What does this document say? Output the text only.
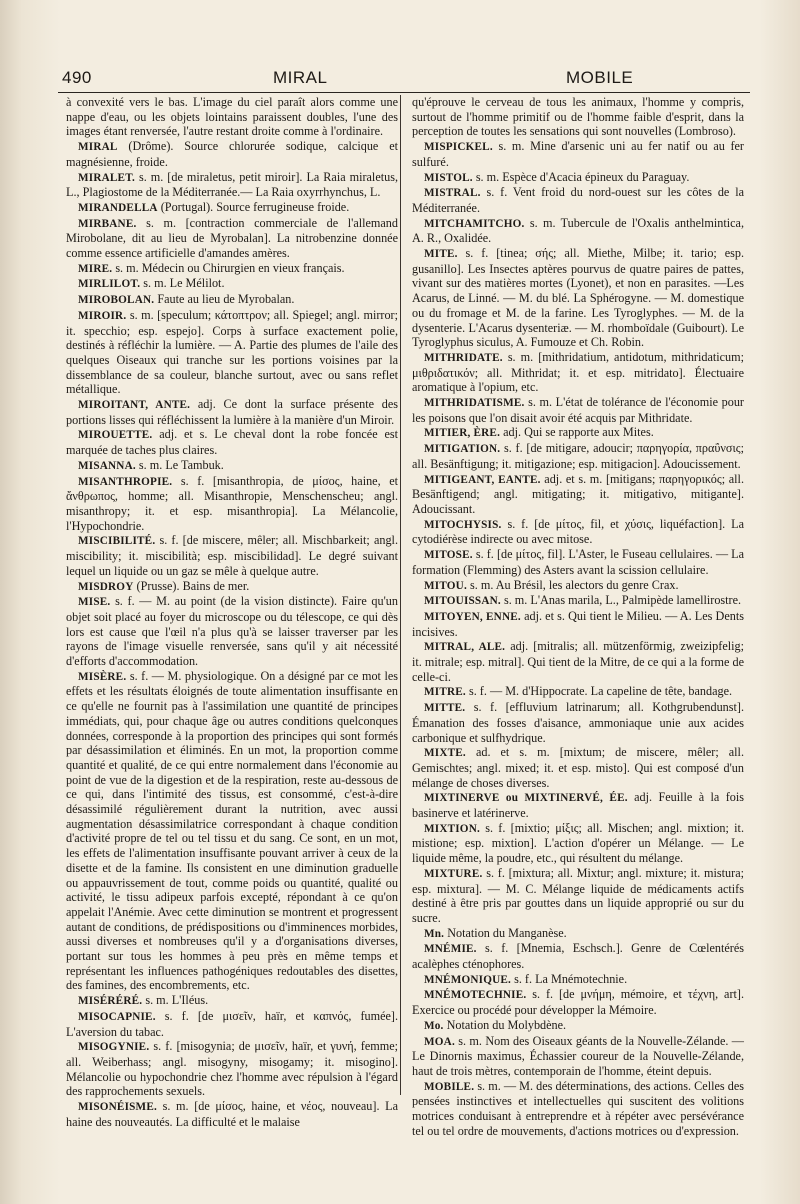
490	MIRAL	MOBILE

à convexité vers le bas. L'image du ciel paraît alors comme une nappe d'eau, ou les objets lointains paraissent doubles, l'une des images étant renversée, l'autre restant droite comme à l'ordinaire.

MIRAL (Drôme). Source chlorurée sodique, calcique et magnésienne, froide.

MIRALET. s. m. [de miraletus, petit miroir]. La Raia miraletus, L., Plagiostome de la Méditerranée.— La Raia oxyrrhynchus, L.

MIRANDELLA (Portugal). Source ferrugineuse froide.

MIRBANE. s. m. [contraction commerciale de l'allemand Mirobolane, dit au lieu de Myrobalan]. La nitrobenzine donnée comme essence artificielle d'amandes amères.

MIRE. s. m. Médecin ou Chirurgien en vieux français.

MIRLILOT. s. m. Le Mélilot.

MIROBOLAN. Faute au lieu de Myrobalan.

MIROIR. s. m. [speculum; κάτοπτρον; all. Spiegel; angl. mirror; it. specchio; esp. espejo]. Corps à surface exactement polie, destinés à réfléchir la lumière. — A. Partie des plumes de l'aile des quelques Oiseaux qui tranche sur les portions voisines par la dissemblance de sa couleur, blanche surtout, avec ou sans reflet métallique.

MIROITANT, ANTE. adj. Ce dont la surface présente des portions lisses qui réfléchissent la lumière à la manière d'un Miroir.

MIROUETTE. adj. et s. Le cheval dont la robe foncée est marquée de taches plus claires.

MISANNA. s. m. Le Tambuk.

MISANTHROPIE. s. f. [misanthropia, de μίσος, haine, et ἄνθρωπος, homme; all. Misanthropie, Menschenscheu; angl. misanthropy; it. et esp. misanthropia]. La Mélancolie, l'Hypochondrie.

MISCIBILITÉ. s. f. [de miscere, mêler; all. Mischbarkeit; angl. miscibility; it. miscibilità; esp. miscibilidad]. Le degré suivant lequel un liquide ou un gaz se mêle à quelque autre.

MISDROY (Prusse). Bains de mer.

MISE. s. f. — M. au point (de la vision distincte). Faire qu'un objet soit placé au foyer du microscope ou du télescope, ce qui dès lors est cause que l'œil n'a plus qu'à se laisser traverser par les rayons de l'image visuelle renversée, sans qu'il y ait nécessité d'efforts d'accommodation.

MISÈRE. s. f. — M. physiologique. On a désigné par ce mot les effets et les résultats éloignés de toute alimentation insuffisante en ce qu'elle ne fournit pas à l'assimilation une quantité de principes immédiats, qui, pour chaque âge ou autres conditions quelconques données, corresponde à la proportion des principes qui sont formés par désassimilation et éliminés. En un mot, la proportion comme quantité et qualité, de ce qui entre normalement dans l'économie au point de vue de la digestion et de la respiration, reste au-dessous de ce qui, dans l'intimité des tissus, est consommé, c'est-à-dire désassimilé régulièrement durant la nutrition, avec aussi augmentation désassimilatrice correspondant à chaque condition d'activité propre de tel ou tel tissu et du sang. Ce sont, en un mot, les effets de l'alimentation insuffisante pouvant arriver à ceux de la disette et de la famine. Ils consistent en une diminution graduelle ou appauvrissement de tout, comme poids ou quantité, qualité ou activité, le tissu adipeux parfois excepté, répondant à ce qu'on appelait l'Anémie. Avec cette diminution se montrent et progressent autant de conditions, de prédispositions ou d'imminences morbides, aussi diverses et nombreuses qu'il y a d'organisations diverses, portant sur tous les hommes à peu près en même temps et représentant les influences pathogéniques redoutables des disettes, des famines, des encombrements, etc.

MISÉRÉRÉ. s. m. L'Iléus.

MISOCAPNIE. s. f. [de μισεῖν, haïr, et καπνός, fumée]. L'aversion du tabac.

MISOGYNIE. s. f. [misogynia; de μισεῖν, haïr, et γυνή, femme; all. Weiberhass; angl. misogyny, misogamy; it. misogino]. Mélancolie ou hypochondrie chez l'homme avec répulsion à l'égard des rapprochements sexuels.

MISONÉISME. s. m. [de μίσος, haine, et νέος, nouveau]. La haine des nouveautés. La difficulté et le malaise

qu'éprouve le cerveau de tous les animaux, l'homme y compris, surtout de l'homme primitif ou de l'homme faible d'esprit, dans la perception de toutes les sensations qui sont nouvelles (Lombroso).

MISPICKEL. s. m. Mine d'arsenic uni au fer natif ou au fer sulfuré.

MISTOL. s. m. Espèce d'Acacia épineux du Paraguay.

MISTRAL. s. f. Vent froid du nord-ouest sur les côtes de la Méditerranée.

MITCHAMITCHO. s. m. Tubercule de l'Oxalis anthelmintica, A. R., Oxalidée.

MITE. s. f. [tinea; σής; all. Miethe, Milbe; it. tario; esp. gusanillo]. Les Insectes aptères pourvus de quatre paires de pattes, vivant sur des matières mortes (Lyonet), et non en parasites. —Les Acarus, de Linné. — M. du blé. La Sphérogyne. — M. domestique ou du fromage et M. de la farine. Les Tyroglyphes. — M. de la dysenterie. L'Acarus dysenteriæ. — M. rhomboïdale (Guibourt). Le Tyroglyphus siculus, A. Fumouze et Ch. Robin.

MITHRIDATE. s. m. [mithridatium, antidotum, mithridaticum; μιθριδατικόν; all. Mithridat; it. et esp. mitridato]. Électuaire aromatique à l'opium, etc.

MITHRIDATISME. s. m. L'état de tolérance de l'économie pour les poisons que l'on disait avoir été acquis par Mithridate.

MITIER, ÈRE. adj. Qui se rapporte aux Mites.

MITIGATION. s. f. [de mitigare, adoucir; παρηγορία, πραΰνσις; all. Besänftigung; it. mitigazione; esp. mitigacion]. Adoucissement.

MITIGEANT, EANTE. adj. et s. m. [mitigans; παρηγορικός; all. Besänftigend; angl. mitigating; it. mitigativo, mitigante]. Adoucissant.

MITOCHYSIS. s. f. [de μίτος, fil, et χύσις, liquéfaction]. La cytodiérèse indirecte ou avec mitose.

MITOSE. s. f. [de μίτος, fil]. L'Aster, le Fuseau cellulaires. — La formation (Flemming) des Asters avant la scission cellulaire.

MITOU. s. m. Au Brésil, les alectors du genre Crax.

MITOUISSAN. s. m. L'Anas marila, L., Palmipède lamellirostre.

MITOYEN, ENNE. adj. et s. Qui tient le Milieu. — A. Les Dents incisives.

MITRAL, ALE. adj. [mitralis; all. mützenförmig, zweizipfelig; it. mitrale; esp. mitral]. Qui tient de la Mitre, de ce qui a la forme de celle-ci.

MITRE. s. f. — M. d'Hippocrate. La capeline de tête, bandage.

MITTE. s. f. [effluvium latrinarum; all. Kothgrubendunst]. Émanation des fosses d'aisance, ammoniaque unie aux acides carbonique et sulfhydrique.

MIXTE. ad. et s. m. [mixtum; de miscere, mêler; all. Gemischtes; angl. mixed; it. et esp. misto]. Qui est composé d'un mélange de choses diverses.

MIXTINERVE ou MIXTINERVÉ, ÉE. adj. Feuille à la fois basinerve et latérinerve.

MIXTION. s. f. [mixtio; μίξις; all. Mischen; angl. mixtion; it. mistione; esp. mixtion]. L'action d'opérer un Mélange. — Le liquide même, la poudre, etc., qui résultent du mélange.

MIXTURE. s. f. [mixtura; all. Mixtur; angl. mixture; it. mistura; esp. mixtura]. — M. C. Mélange liquide de médicaments actifs destiné à être pris par gouttes dans un liquide approprié ou sur du sucre.

Mn. Notation du Manganèse.

MNÉMIE. s. f. [Mnemia, Eschsch.]. Genre de Cœlentérés acalèphes cténophores.

MNÉMONIQUE. s. f. La Mnémotechnie.

MNÉMOTECHNIE. s. f. [de μνήμη, mémoire, et τέχνη, art]. Exercice ou procédé pour développer la Mémoire.

Mo. Notation du Molybdène.

MOA. s. m. Nom des Oiseaux géants de la Nouvelle-Zélande. — Le Dinornis maximus, Échassier coureur de la Nouvelle-Zélande, haut de trois mètres, contemporain de l'homme, éteint depuis.

MOBILE. s. m. — M. des déterminations, des actions. Celles des pensées instinctives et intellectuelles qui suscitent des volitions motrices conduisant à entreprendre et à répéter avec persévérance tel ou tel ordre de mouvements, d'actions motrices ou d'expression.
